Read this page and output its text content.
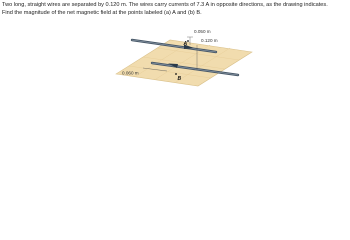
Two long, straight wires are separated by 0.120 m. The wires carry currents of 7.3 A in opposite directions, as the drawing indicates.

Find the magnitude of the net magnetic field at the points labeled (a) A and (b) B.

A
B
0.050 m
0.120 m
0.060 m
